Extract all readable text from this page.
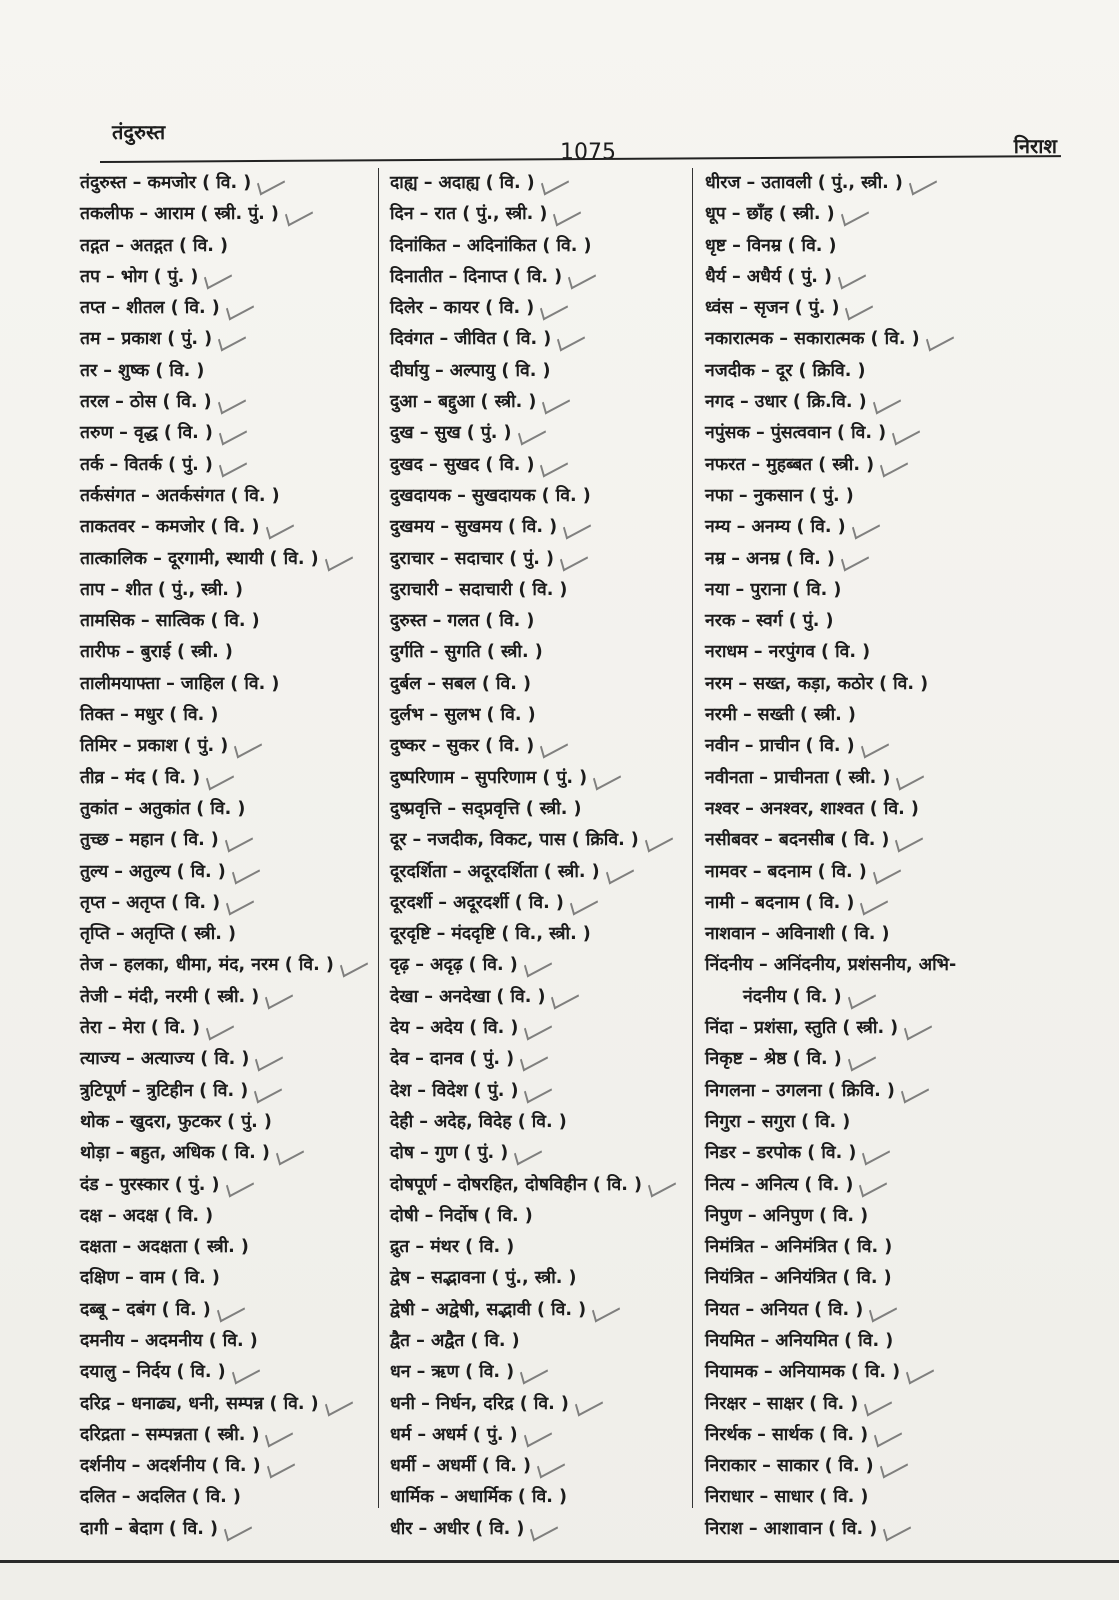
तंदुरुस्त
1075	निराश
तंदुरुस्त – कमजोर ( वि. )
तकलीफ – आराम ( स्त्री. पुं. )
तद्गत – अतद्गत ( वि. )
तप – भोग ( पुं. )
तप्त – शीतल ( वि. )
तम – प्रकाश ( पुं. )
तर – शुष्क ( वि. )
तरल – ठोस ( वि. )
तरुण – वृद्ध ( वि. )
तर्क – वितर्क ( पुं. )
तर्कसंगत – अतर्कसंगत ( वि. )
ताकतवर – कमजोर ( वि. )
तात्कालिक – दूरगामी, स्थायी ( वि. )
ताप – शीत ( पुं., स्त्री. )
तामसिक – सात्विक ( वि. )
तारीफ – बुराई ( स्त्री. )
तालीमयाफ्ता – जाहिल ( वि. )
तिक्त – मधुर ( वि. )
तिमिर – प्रकाश ( पुं. )
तीव्र – मंद ( वि. )
तुकांत – अतुकांत ( वि. )
तुच्छ – महान ( वि. )
तुल्य – अतुल्य ( वि. )
तृप्त – अतृप्त ( वि. )
तृप्ति – अतृप्ति ( स्त्री. )
तेज – हलका, धीमा, मंद, नरम ( वि. )
तेजी – मंदी, नरमी ( स्त्री. )
तेरा – मेरा ( वि. )
त्याज्य – अत्याज्य ( वि. )
त्रुटिपूर्ण – त्रुटिहीन ( वि. )
थोक – खुदरा, फुटकर ( पुं. )
थोड़ा – बहुत, अधिक ( वि. )
दंड – पुरस्कार ( पुं. )
दक्ष – अदक्ष ( वि. )
दक्षता – अदक्षता ( स्त्री. )
दक्षिण – वाम ( वि. )
दब्बू – दबंग ( वि. )
दमनीय – अदमनीय ( वि. )
दयालु – निर्दय ( वि. )
दरिद्र – धनाढ्य, धनी, सम्पन्न ( वि. )
दरिद्रता – सम्पन्नता ( स्त्री. )
दर्शनीय – अदर्शनीय ( वि. )
दलित – अदलित ( वि. )
दागी – बेदाग ( वि. )
दाह्य – अदाह्य ( वि. )
दिन – रात ( पुं., स्त्री. )
दिनांकित – अदिनांकित ( वि. )
दिनातीत – दिनाप्त ( वि. )
दिलेर – कायर ( वि. )
दिवंगत – जीवित ( वि. )
दीर्घायु – अल्पायु ( वि. )
दुआ – बद्दुआ ( स्त्री. )
दुख – सुख ( पुं. )
दुखद – सुखद ( वि. )
दुखदायक – सुखदायक ( वि. )
दुखमय – सुखमय ( वि. )
दुराचार – सदाचार ( पुं. )
दुराचारी – सदाचारी ( वि. )
दुरुस्त – गलत ( वि. )
दुर्गति – सुगति ( स्त्री. )
दुर्बल – सबल ( वि. )
दुर्लभ – सुलभ ( वि. )
दुष्कर – सुकर ( वि. )
दुष्परिणाम – सुपरिणाम ( पुं. )
दुष्प्रवृत्ति – सद्प्रवृत्ति ( स्त्री. )
दूर – नजदीक, विकट, पास ( क्रिवि. )
दूरदर्शिता – अदूरदर्शिता ( स्त्री. )
दूरदर्शी – अदूरदर्शी ( वि. )
दूरदृष्टि – मंददृष्टि ( वि., स्त्री. )
दृढ़ – अदृढ़ ( वि. )
देखा – अनदेखा ( वि. )
देय – अदेय ( वि. )
देव – दानव ( पुं. )
देश – विदेश ( पुं. )
देही – अदेह, विदेह ( वि. )
दोष – गुण ( पुं. )
दोषपूर्ण – दोषरहित, दोषविहीन ( वि. )
दोषी – निर्दोष ( वि. )
द्रुत – मंथर ( वि. )
द्वेष – सद्भावना ( पुं., स्त्री. )
द्वेषी – अद्वेषी, सद्भावी ( वि. )
द्वैत – अद्वैत ( वि. )
धन – ऋण ( वि. )
धनी – निर्धन, दरिद्र ( वि. )
धर्म – अधर्म ( पुं. )
धर्मी – अधर्मी ( वि. )
धार्मिक – अधार्मिक ( वि. )
धीर – अधीर ( वि. )
धीरज – उतावली ( पुं., स्त्री. )
धूप – छाँह ( स्त्री. )
धृष्ट – विनम्र ( वि. )
धैर्य – अधैर्य ( पुं. )
ध्वंस – सृजन ( पुं. )
नकारात्मक – सकारात्मक ( वि. )
नजदीक – दूर ( क्रिवि. )
नगद – उधार ( क्रि.वि. )
नपुंसक – पुंसत्ववान ( वि. )
नफरत – मुहब्बत ( स्त्री. )
नफा – नुकसान ( पुं. )
नम्य – अनम्य ( वि. )
नम्र – अनम्र ( वि. )
नया – पुराना ( वि. )
नरक – स्वर्ग ( पुं. )
नराधम – नरपुंगव ( वि. )
नरम – सख्त, कड़ा, कठोर ( वि. )
नरमी – सख्ती ( स्त्री. )
नवीन – प्राचीन ( वि. )
नवीनता – प्राचीनता ( स्त्री. )
नश्वर – अनश्वर, शाश्वत ( वि. )
नसीबवर – बदनसीब ( वि. )
नामवर – बदनाम ( वि. )
नामी – बदनाम ( वि. )
नाशवान – अविनाशी ( वि. )
निंदनीय – अनिंदनीय, प्रशंसनीय, अभि-
नंदनीय ( वि. )
निंदा – प्रशंसा, स्तुति ( स्त्री. )
निकृष्ट – श्रेष्ठ ( वि. )
निगलना – उगलना ( क्रिवि. )
निगुरा – सगुरा ( वि. )
निडर – डरपोक ( वि. )
नित्य – अनित्य ( वि. )
निपुण – अनिपुण ( वि. )
निमंत्रित – अनिमंत्रित ( वि. )
नियंत्रित – अनियंत्रित ( वि. )
नियत – अनियत ( वि. )
नियमित – अनियमित ( वि. )
नियामक – अनियामक ( वि. )
निरक्षर – साक्षर ( वि. )
निरर्थक – सार्थक ( वि. )
निराकार – साकार ( वि. )
निराधार – साधार ( वि. )
निराश – आशावान ( वि. )
